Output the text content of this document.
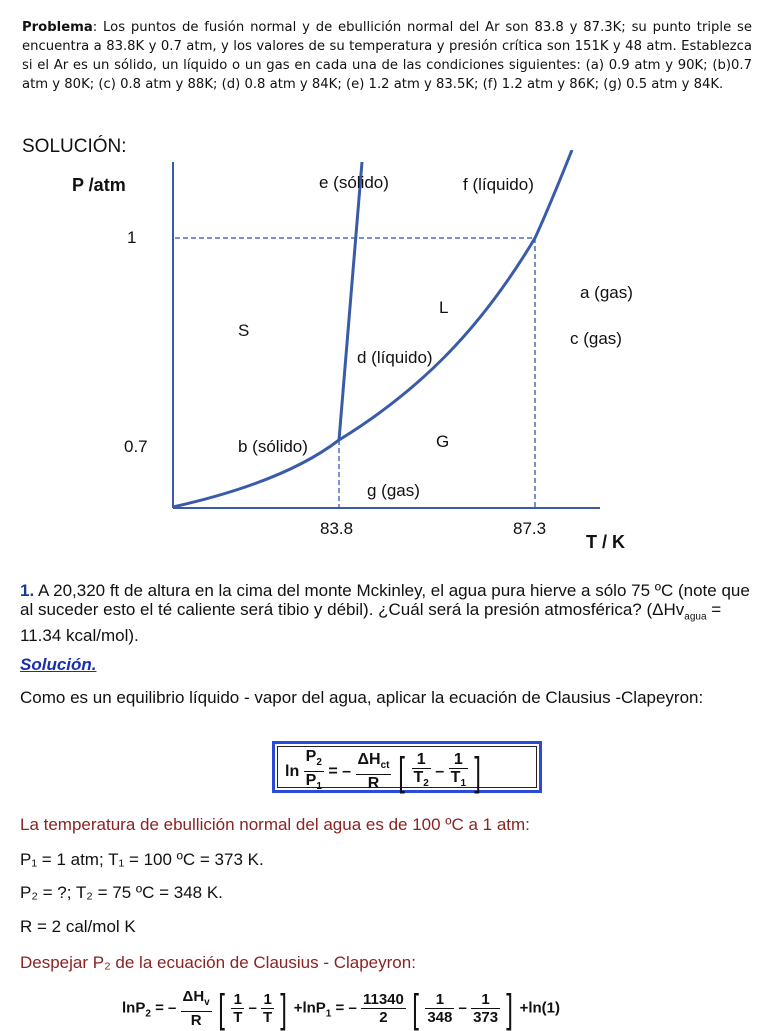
Problema: Los puntos de fusión normal y de ebullición normal del Ar son 83.8 y 87.3K; su punto triple se encuentra a 83.8K y 0.7 atm, y los valores de su temperatura y presión crítica son 151K y 48 atm. Establezca si el Ar es un sólido, un líquido o un gas en cada una de las condiciones siguientes: (a) 0.9 atm y 90K; (b)0.7 atm y 80K; (c) 0.8 atm y 88K; (d) 0.8 atm y 84K; (e) 1.2 atm y 83.5K; (f) 1.2 atm y 86K; (g) 0.5 atm y 84K.
SOLUCIÓN:
P /atm
T / K
1
0.7
83.8	87.3
e (sólido)	f (líquido)
a (gas)
c (gas)
L
S
d (líquido)
b (sólido)	G
g (gas)
1. A 20,320 ft de altura en la cima del monte Mckinley, el agua pura hierve a sólo 75 ºC (note que al suceder esto el té caliente será tibio y débil). ¿Cuál será la presión atmosférica? (ΔHv$_{agua}$ = 11.34 kcal/mol).
Solución.
Como es un equilibrio líquido - vapor del agua, aplicar la ecuación de Clausius -Clapeyron:
$\ln \frac{P_2}{P_1}$ = – $\frac{\Delta H_{ct}}{R}$ [ $\frac{1}{T_2} - \frac{1}{T_1}$ ]
La temperatura de ebullición normal del agua es de 100 ºC a 1 atm:
P₁ = 1 atm; T₁ = 100 ºC = 373 K.
P₂ = ?; T₂ = 75 ºC = 348 K.
R = 2 cal/mol K
Despejar P₂ de la ecuación de Clausius - Clapeyron:
lnP$_2$ = – $\frac{\Delta H_v}{R}$ [ $\frac{1}{T} - \frac{1}{T}$ ] +lnP$_1$ = – $\frac{11340}{2}$ [ $\frac{1}{348} - \frac{1}{373}$ ] +ln(1)
